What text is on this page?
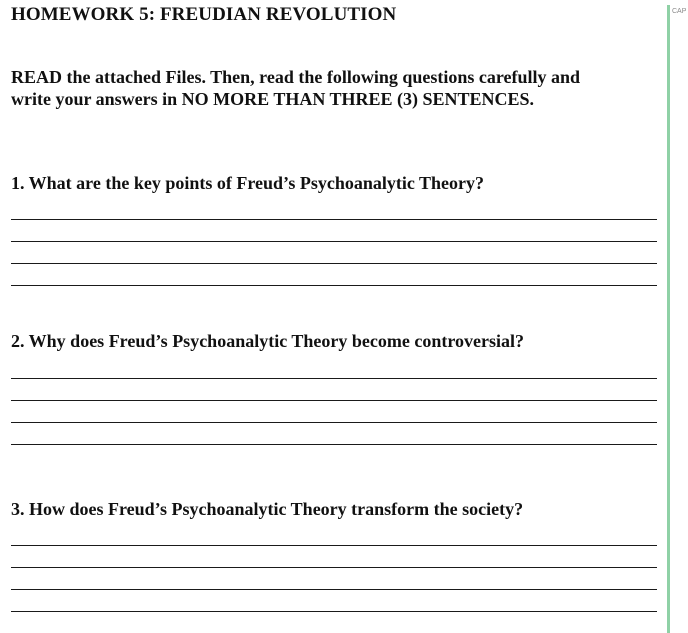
HOMEWORK 5: FREUDIAN REVOLUTION	CAP
READ the attached Files. Then, read the following questions carefully and
write your answers in NO MORE THAN THREE (3) SENTENCES.
1. What are the key points of Freud’s Psychoanalytic Theory?
2. Why does Freud’s Psychoanalytic Theory become controversial?
3. How does Freud’s Psychoanalytic Theory transform the society?
